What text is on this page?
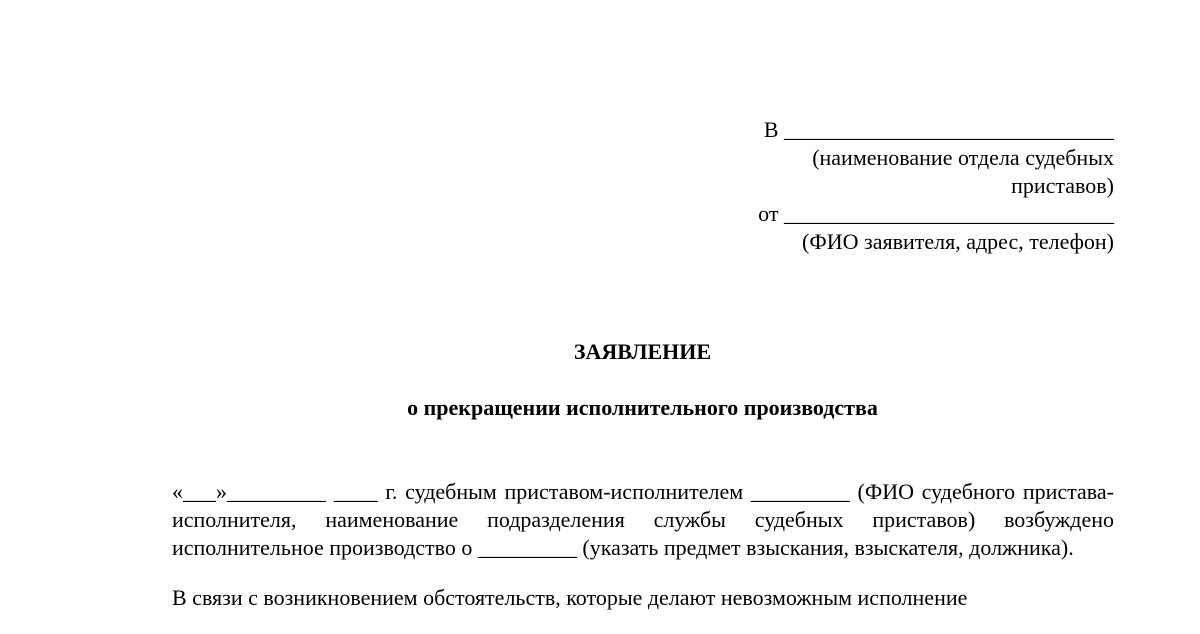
В ______________________________
(наименование отдела судебных
приставов)
от ______________________________
(ФИО заявителя, адрес, телефон)
ЗАЯВЛЕНИЕ
о прекращении исполнительного производства

«___»_________ ____ г. судебным приставом-исполнителем _________ (ФИО судебного пристава-исполнителя, наименование подразделения службы судебных приставов) возбуждено исполнительное производство о _________ (указать предмет взыскания, взыскателя, должника).

В связи с возникновением обстоятельств, которые делают невозможным исполнение
